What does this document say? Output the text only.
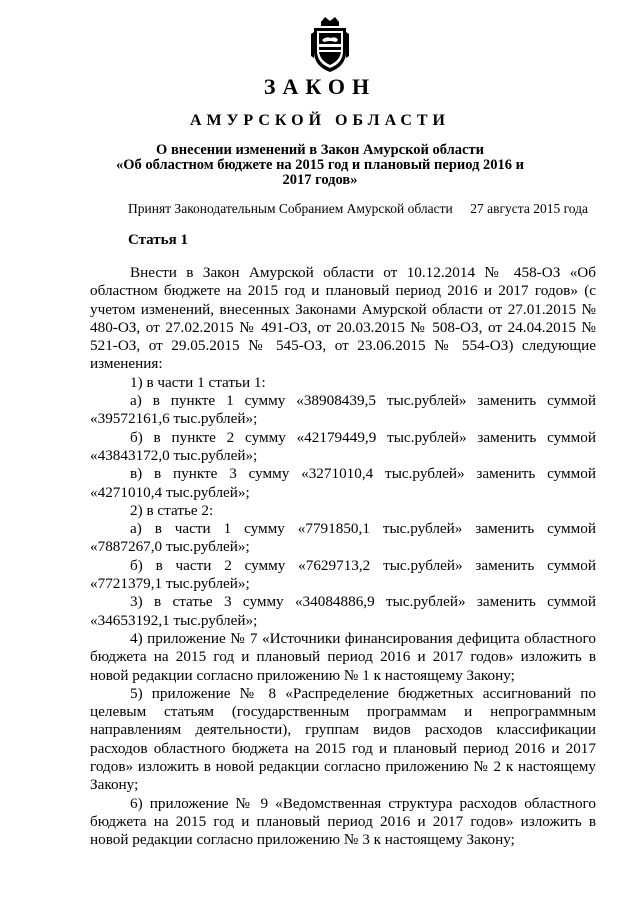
ЗАКОН
АМУРСКОЙ ОБЛАСТИ
О внесении изменений в Закон Амурской области
«Об областном бюджете на 2015 год и плановый период 2016 и
2017 годов»
Принят Законодательным Собранием Амурской области 27 августа 2015 года
Статья 1

Внести в Закон Амурской области от 10.12.2014 № 458-ОЗ «Об областном бюджете на 2015 год и плановый период 2016 и 2017 годов» (с учетом изменений, внесенных Законами Амурской области от 27.01.2015 № 480-ОЗ, от 27.02.2015 № 491-ОЗ, от 20.03.2015 № 508-ОЗ, от 24.04.2015 № 521-ОЗ, от 29.05.2015 № 545-ОЗ, от 23.06.2015 № 554-ОЗ) следующие изменения:

1) в части 1 статьи 1:

а) в пункте 1 сумму «38908439,5 тыс.рублей» заменить суммой «39572161,6 тыс.рублей»;

б) в пункте 2 сумму «42179449,9 тыс.рублей» заменить суммой «43843172,0 тыс.рублей»;

в) в пункте 3 сумму «3271010,4 тыс.рублей» заменить суммой «4271010,4 тыс.рублей»;

2) в статье 2:

а) в части 1 сумму «7791850,1 тыс.рублей» заменить суммой «7887267,0 тыс.рублей»;

б) в части 2 сумму «7629713,2 тыс.рублей» заменить суммой «7721379,1 тыс.рублей»;

3) в статье 3 сумму «34084886,9 тыс.рублей» заменить суммой «34653192,1 тыс.рублей»;

4) приложение № 7 «Источники финансирования дефицита областного бюджета на 2015 год и плановый период 2016 и 2017 годов» изложить в новой редакции согласно приложению № 1 к настоящему Закону;

5) приложение № 8 «Распределение бюджетных ассигнований по целевым статьям (государственным программам и непрограммным направлениям деятельности), группам видов расходов классификации расходов областного бюджета на 2015 год и плановый период 2016 и 2017 годов» изложить в новой редакции согласно приложению № 2 к настоящему Закону;

6) приложение № 9 «Ведомственная структура расходов областного бюджета на 2015 год и плановый период 2016 и 2017 годов» изложить в новой редакции согласно приложению № 3 к настоящему Закону;
